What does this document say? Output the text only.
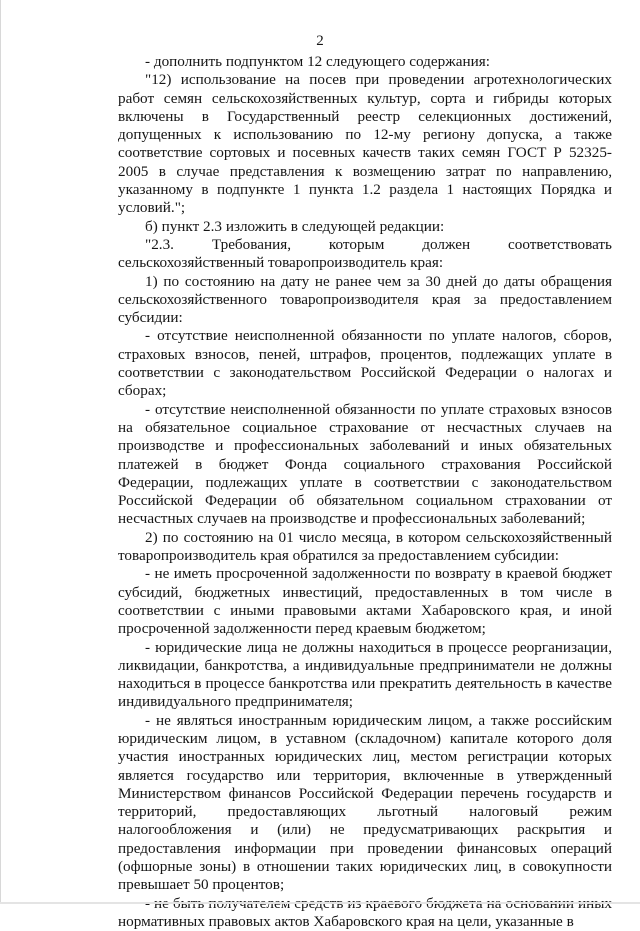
2

- дополнить подпунктом 12 следующего содержания:

"12) использование на посев при проведении агротехнологических работ семян сельскохозяйственных культур, сорта и гибриды которых включены в Государственный реестр селекционных достижений, допущенных к использованию по 12-му региону допуска, а также соответствие сортовых и посевных качеств таких семян ГОСТ Р 52325-2005 в случае представления к возмещению затрат по направлению, указанному в подпункте 1 пункта 1.2 раздела 1 настоящих Порядка и условий.";

б) пункт 2.3 изложить в следующей редакции:

"2.3. Требования, которым должен соответствовать сельскохозяйственный товаропроизводитель края:

1) по состоянию на дату не ранее чем за 30 дней до даты обращения сельскохозяйственного товаропроизводителя края за предоставлением субсидии:

- отсутствие неисполненной обязанности по уплате налогов, сборов, страховых взносов, пеней, штрафов, процентов, подлежащих уплате в соответствии с законодательством Российской Федерации о налогах и сборах;

- отсутствие неисполненной обязанности по уплате страховых взносов на обязательное социальное страхование от несчастных случаев на производстве и профессиональных заболеваний и иных обязательных платежей в бюджет Фонда социального страхования Российской Федерации, подлежащих уплате в соответствии с законодательством Российской Федерации об обязательном социальном страховании от несчастных случаев на производстве и профессиональных заболеваний;

2) по состоянию на 01 число месяца, в котором сельскохозяйственный товаропроизводитель края обратился за предоставлением субсидии:

- не иметь просроченной задолженности по возврату в краевой бюджет субсидий, бюджетных инвестиций, предоставленных в том числе в соответствии с иными правовыми актами Хабаровского края, и иной просроченной задолженности перед краевым бюджетом;

- юридические лица не должны находиться в процессе реорганизации, ликвидации, банкротства, а индивидуальные предприниматели не должны находиться в процессе банкротства или прекратить деятельность в качестве индивидуального предпринимателя;

- не являться иностранным юридическим лицом, а также российским юридическим лицом, в уставном (складочном) капитале которого доля участия иностранных юридических лиц, местом регистрации которых является государство или территория, включенные в утвержденный Министерством финансов Российской Федерации перечень государств и территорий, предоставляющих льготный налоговый режим налогообложения и (или) не предусматривающих раскрытия и предоставления информации при проведении финансовых операций (офшорные зоны) в отношении таких юридических лиц, в совокупности превышает 50 процентов;

нормативных правовых актов Хабаровского края на цели, указанные в
